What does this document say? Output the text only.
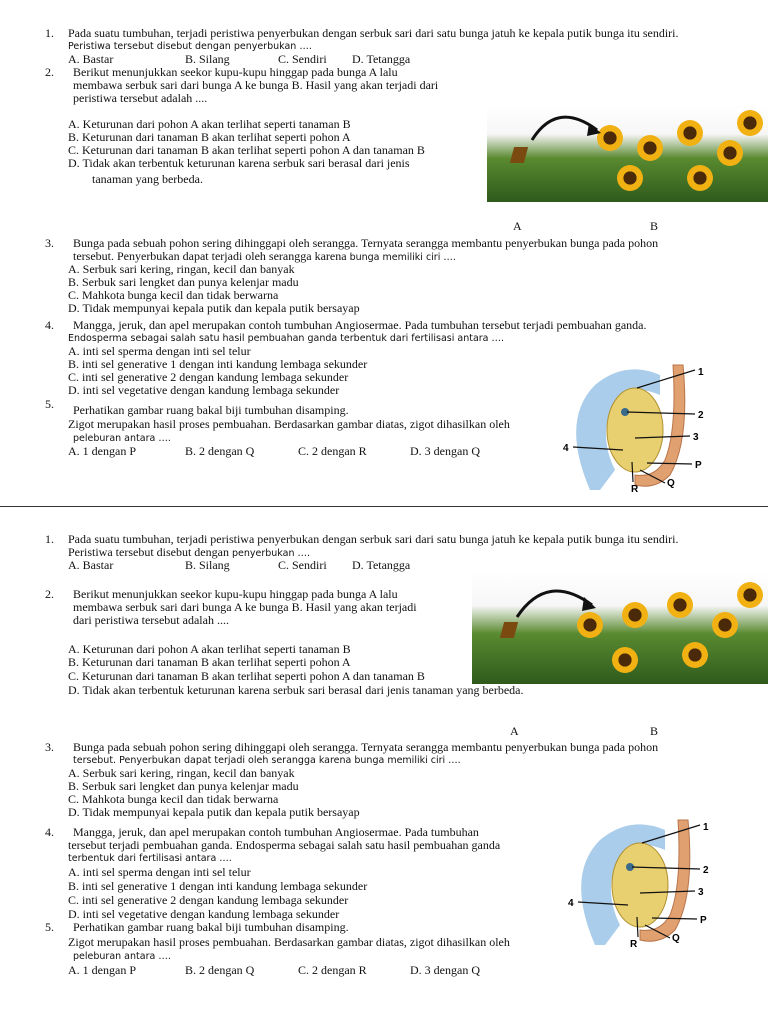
1. Pada suatu tumbuhan, terjadi peristiwa penyerbukan dengan serbuk sari dari satu bunga jatuh ke kepala putik bunga itu sendiri.
Peristiwa tersebut disebut dengan penyerbukan ….
A. Bastar	B. Silang	C. Sendiri D. Tetangga
2. Berikut menunjukkan seekor kupu-kupu hinggap pada bunga A lalu
membawa serbuk sari dari bunga A ke bunga B. Hasil yang akan terjadi dari
peristiwa tersebut adalah ....
A. Keturunan dari pohon A akan terlihat seperti tanaman B
B. Keturunan dari tanaman B akan terlihat seperti pohon A
C. Keturunan dari tanaman B akan terlihat seperti pohon A dan tanaman B
D. Tidak akan terbentuk keturunan karena serbuk sari berasal dari jenis
tanaman yang berbeda.
A	B
3. Bunga pada sebuah pohon sering dihinggapi oleh serangga. Ternyata serangga membantu penyerbukan bunga pada pohon
tersebut. Penyerbukan dapat terjadi oleh serangga karena bunga memiliki ciri ….
A. Serbuk sari kering, ringan, kecil dan banyak
B. Serbuk sari lengket dan punya kelenjar madu
C. Mahkota bunga kecil dan tidak berwarna
D. Tidak mempunyai kepala putik dan kepala putik bersayap
4. Mangga, jeruk, dan apel merupakan contoh tumbuhan Angiosermae. Pada tumbuhan tersebut terjadi pembuahan ganda.
Endosperma sebagai salah satu hasil pembuahan ganda terbentuk dari fertilisasi antara ….
A. inti sel sperma dengan inti sel telur
B. inti sel generative 1 dengan inti kandung lembaga sekunder
C. inti sel generative 2 dengan kandung lembaga sekunder
D. inti sel vegetative dengan kandung lembaga sekunder
5. Perhatikan gambar ruang bakal biji tumbuhan disamping.
Zigot merupakan hasil proses pembuahan. Berdasarkan gambar diatas, zigot dihasilkan oleh
peleburan antara ….
A. 1 dengan P	B. 2 dengan Q	C. 2 dengan R	D. 3 dengan Q
1
2
3
4
P
Q
R
1. Pada suatu tumbuhan, terjadi peristiwa penyerbukan dengan serbuk sari dari satu bunga jatuh ke kepala putik bunga itu sendiri.
Peristiwa tersebut disebut dengan penyerbukan ….
A. Bastar	B. Silang	C. Sendiri D. Tetangga
2. Berikut menunjukkan seekor kupu-kupu hinggap pada bunga A lalu
membawa serbuk sari dari bunga A ke bunga B. Hasil yang akan terjadi
dari peristiwa tersebut adalah ....
A. Keturunan dari pohon A akan terlihat seperti tanaman B
B. Keturunan dari tanaman B akan terlihat seperti pohon A
C. Keturunan dari tanaman B akan terlihat seperti pohon A dan tanaman B
D. Tidak akan terbentuk keturunan karena serbuk sari berasal dari jenis tanaman yang berbeda.
A	B
3. Bunga pada sebuah pohon sering dihinggapi oleh serangga. Ternyata serangga membantu penyerbukan bunga pada pohon
tersebut. Penyerbukan dapat terjadi oleh serangga karena bunga memiliki ciri ….
A. Serbuk sari kering, ringan, kecil dan banyak
B. Serbuk sari lengket dan punya kelenjar madu
C. Mahkota bunga kecil dan tidak berwarna
D. Tidak mempunyai kepala putik dan kepala putik bersayap
4. Mangga, jeruk, dan apel merupakan contoh tumbuhan Angiosermae. Pada tumbuhan
tersebut terjadi pembuahan ganda. Endosperma sebagai salah satu hasil pembuahan ganda
terbentuk dari fertilisasi antara ….
A. inti sel sperma dengan inti sel telur
B. inti sel generative 1 dengan inti kandung lembaga sekunder
C. inti sel generative 2 dengan kandung lembaga sekunder
D. inti sel vegetative dengan kandung lembaga sekunder
5. Perhatikan gambar ruang bakal biji tumbuhan disamping.
Zigot merupakan hasil proses pembuahan. Berdasarkan gambar diatas, zigot dihasilkan oleh
peleburan antara ….
A. 1 dengan P	B. 2 dengan Q	C. 2 dengan R	D. 3 dengan Q
1
2
3
4
P
Q
R
